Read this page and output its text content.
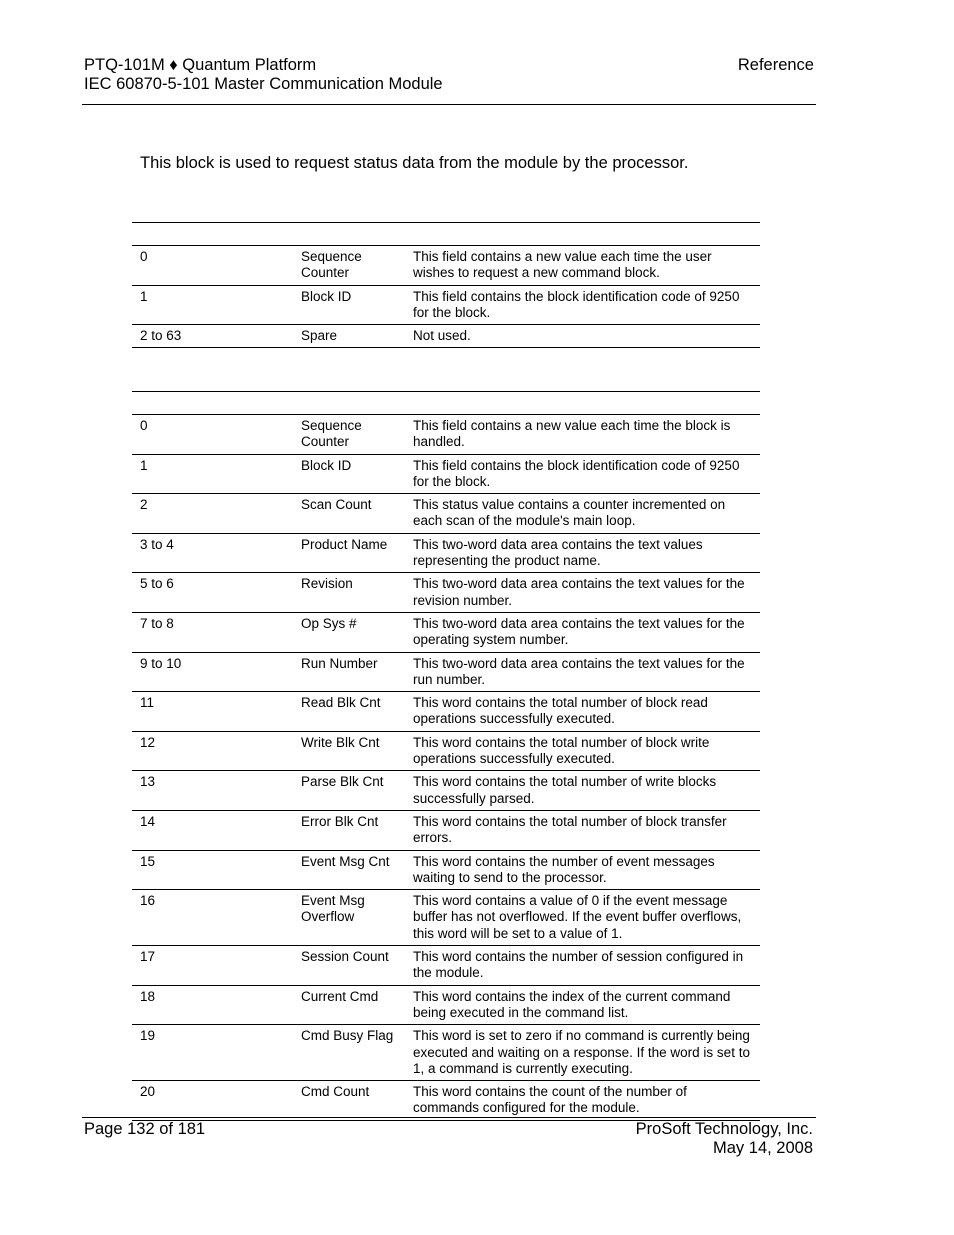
PTQ-101M ♦ Quantum Platform
IEC 60870-5-101 Master Communication Module
Reference
This block is used to request status data from the module by the processor.

0	Sequence Counter	This field contains a new value each time the user wishes to request a new command block.
1	Block ID	This field contains the block identification code of 9250 for the block.
2 to 63	Spare	Not used.

0	Sequence Counter	This field contains a new value each time the block is handled.
1	Block ID	This field contains the block identification code of 9250 for the block.
2	Scan Count	This status value contains a counter incremented on each scan of the module's main loop.
3 to 4	Product Name	This two-word data area contains the text values representing the product name.
5 to 6	Revision	This two-word data area contains the text values for the revision number.
7 to 8	Op Sys #	This two-word data area contains the text values for the operating system number.
9 to 10	Run Number	This two-word data area contains the text values for the run number.
11	Read Blk Cnt	This word contains the total number of block read operations successfully executed.
12	Write Blk Cnt	This word contains the total number of block write operations successfully executed.
13	Parse Blk Cnt	This word contains the total number of write blocks successfully parsed.
14	Error Blk Cnt	This word contains the total number of block transfer errors.
15	Event Msg Cnt	This word contains the number of event messages waiting to send to the processor.
16	Event Msg Overflow	This word contains a value of 0 if the event message buffer has not overflowed. If the event buffer overflows, this word will be set to a value of 1.
17	Session Count	This word contains the number of session configured in the module.
18	Current Cmd	This word contains the index of the current command being executed in the command list.
19	Cmd Busy Flag	This word is set to zero if no command is currently being executed and waiting on a response. If the word is set to 1, a command is currently executing.
20	Cmd Count	This word contains the count of the number of commands configured for the module.
Page 132 of 181	ProSoft Technology, Inc.
May 14, 2008
